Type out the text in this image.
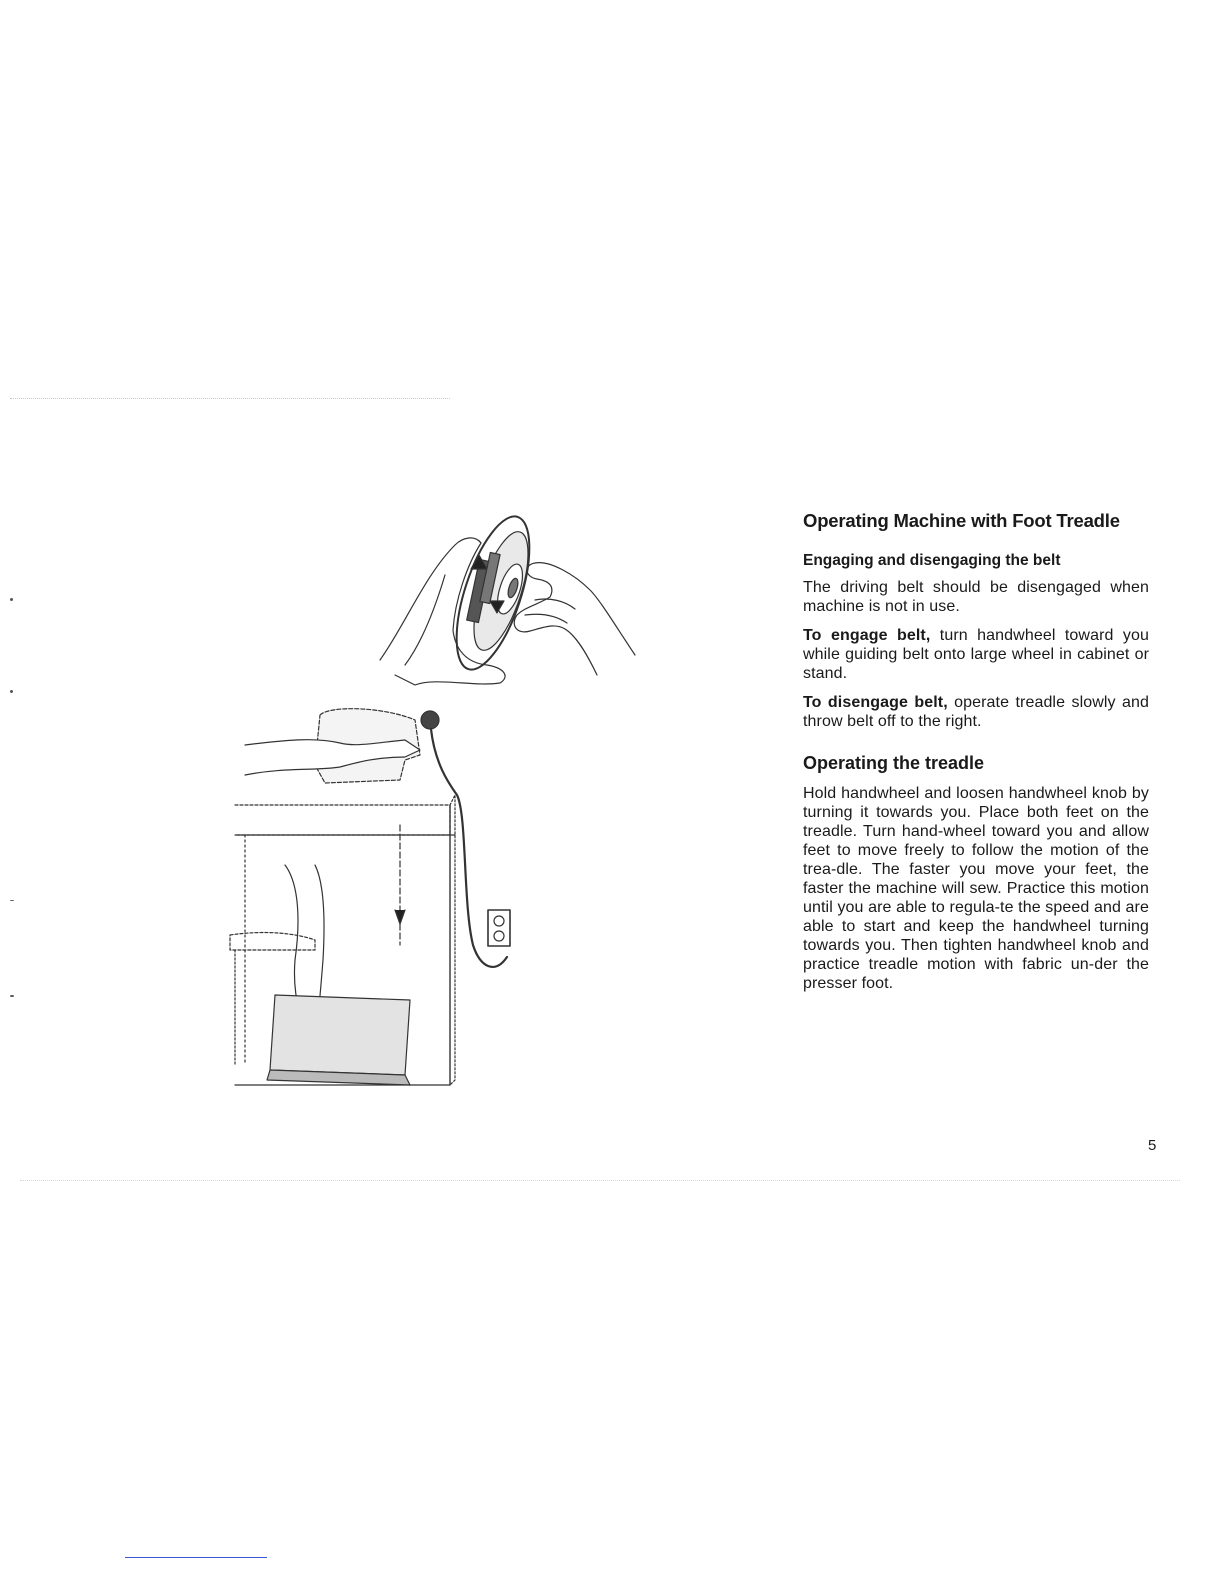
Operating Machine with Foot Treadle
Engaging and disengaging the belt

The driving belt should be disengaged when machine is not in use.

To engage belt, turn handwheel toward you while guiding belt onto large wheel in cabinet or stand.

To disengage belt, operate treadle slowly and throw belt off to the right.

Operating the treadle

Hold handwheel and loosen handwheel knob by turning it towards you. Place both feet on the treadle. Turn hand-wheel toward you and allow feet to move freely to follow the motion of the trea-dle. The faster you move your feet, the faster the machine will sew. Practice this motion until you are able to regula-te the speed and are able to start and keep the handwheel turning towards you. Then tighten handwheel knob and practice treadle motion with fabric un-der the presser foot.

5
